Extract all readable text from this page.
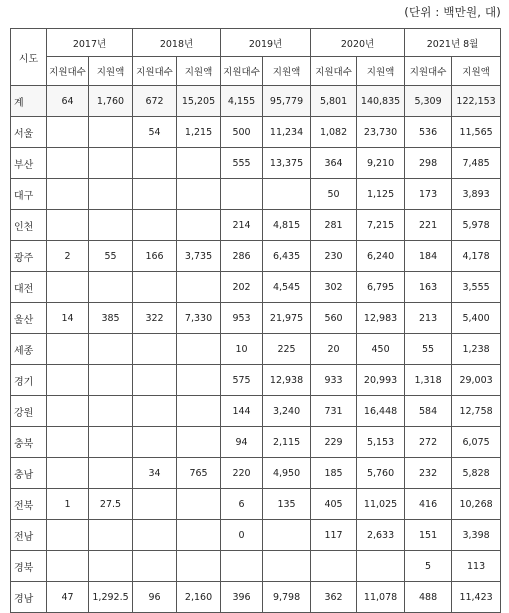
(단위 : 백만원, 대)
시도	2017년		2018년		2019년		2020년		2021년 8월	
	지원대수	지원액	지원대수	지원액	지원대수	지원액	지원대수	지원액	지원대수	지원액
계	64	1,760	672	15,205	4,155	95,779	5,801	140,835	5,309	122,153
서울			54	1,215	500	11,234	1,082	23,730	536	11,565
부산					555	13,375	364	9,210	298	7,485
대구							50	1,125	173	3,893
인천					214	4,815	281	7,215	221	5,978
광주	2	55	166	3,735	286	6,435	230	6,240	184	4,178
대전					202	4,545	302	6,795	163	3,555
울산	14	385	322	7,330	953	21,975	560	12,983	213	5,400
세종					10	225	20	450	55	1,238
경기					575	12,938	933	20,993	1,318	29,003
강원					144	3,240	731	16,448	584	12,758
충북					94	2,115	229	5,153	272	6,075
충남			34	765	220	4,950	185	5,760	232	5,828
전북	1	27.5			6	135	405	11,025	416	10,268
전남					0		117	2,633	151	3,398
경북									5	113
경남	47	1,292.5	96	2,160	396	9,798	362	11,078	488	11,423
